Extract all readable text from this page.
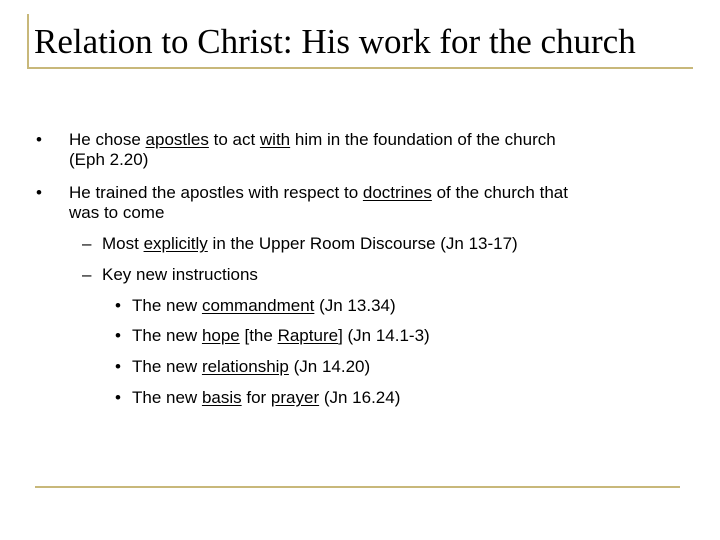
Relation to Christ: His work for the church
• He chose apostles to act with him in the foundation of the church
(Eph 2.20)
• He trained the apostles with respect to doctrines of the church that
was to come
– Most explicitly in the Upper Room Discourse (Jn 13-17)
– Key new instructions
• The new commandment (Jn 13.34)
• The new hope [the Rapture] (Jn 14.1-3)
• The new relationship (Jn 14.20)
• The new basis for prayer (Jn 16.24)
